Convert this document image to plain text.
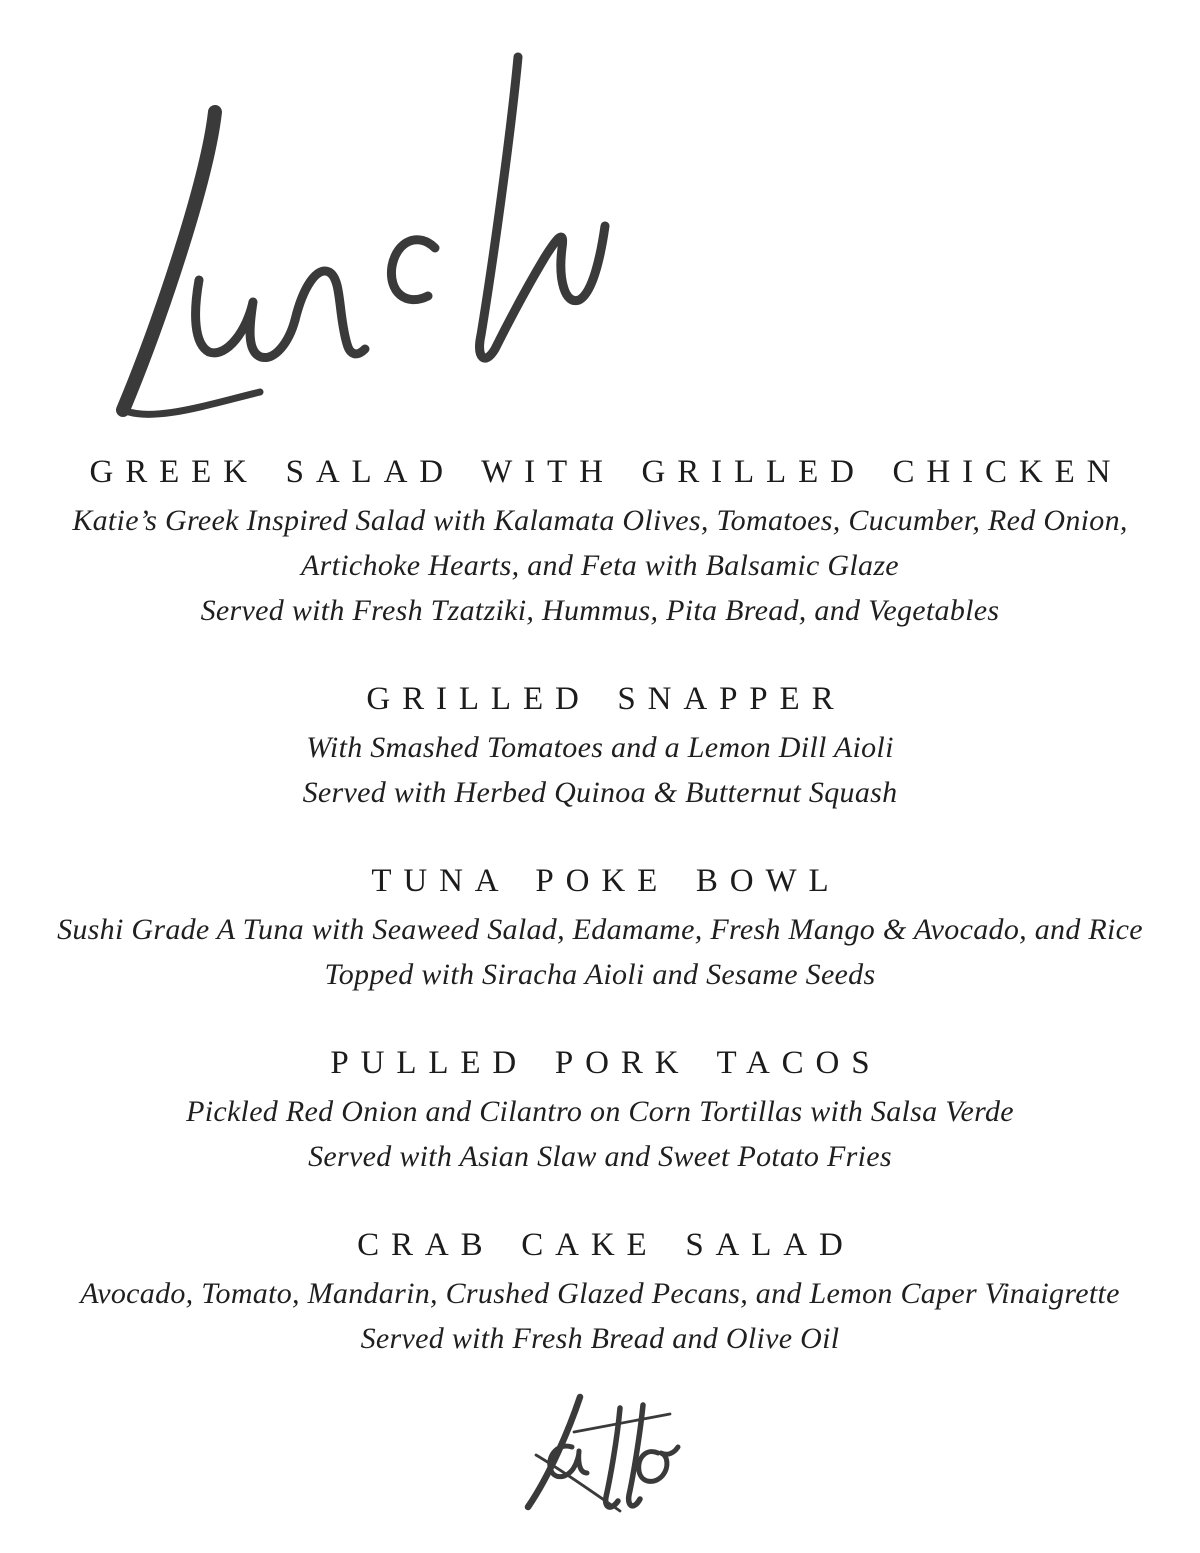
GREEK SALAD WITH GRILLED CHICKEN
Katie’s Greek Inspired Salad with Kalamata Olives, Tomatoes, Cucumber, Red Onion,
Artichoke Hearts, and Feta with Balsamic Glaze
Served with Fresh Tzatziki, Hummus, Pita Bread, and Vegetables
GRILLED SNAPPER
With Smashed Tomatoes and a Lemon Dill Aioli
Served with Herbed Quinoa & Butternut Squash
TUNA POKE BOWL
Sushi Grade A Tuna with Seaweed Salad, Edamame, Fresh Mango & Avocado, and Rice
Topped with Siracha Aioli and Sesame Seeds
PULLED PORK TACOS
Pickled Red Onion and Cilantro on Corn Tortillas with Salsa Verde
Served with Asian Slaw and Sweet Potato Fries
CRAB CAKE SALAD
Avocado, Tomato, Mandarin, Crushed Glazed Pecans, and Lemon Caper Vinaigrette
Served with Fresh Bread and Olive Oil
